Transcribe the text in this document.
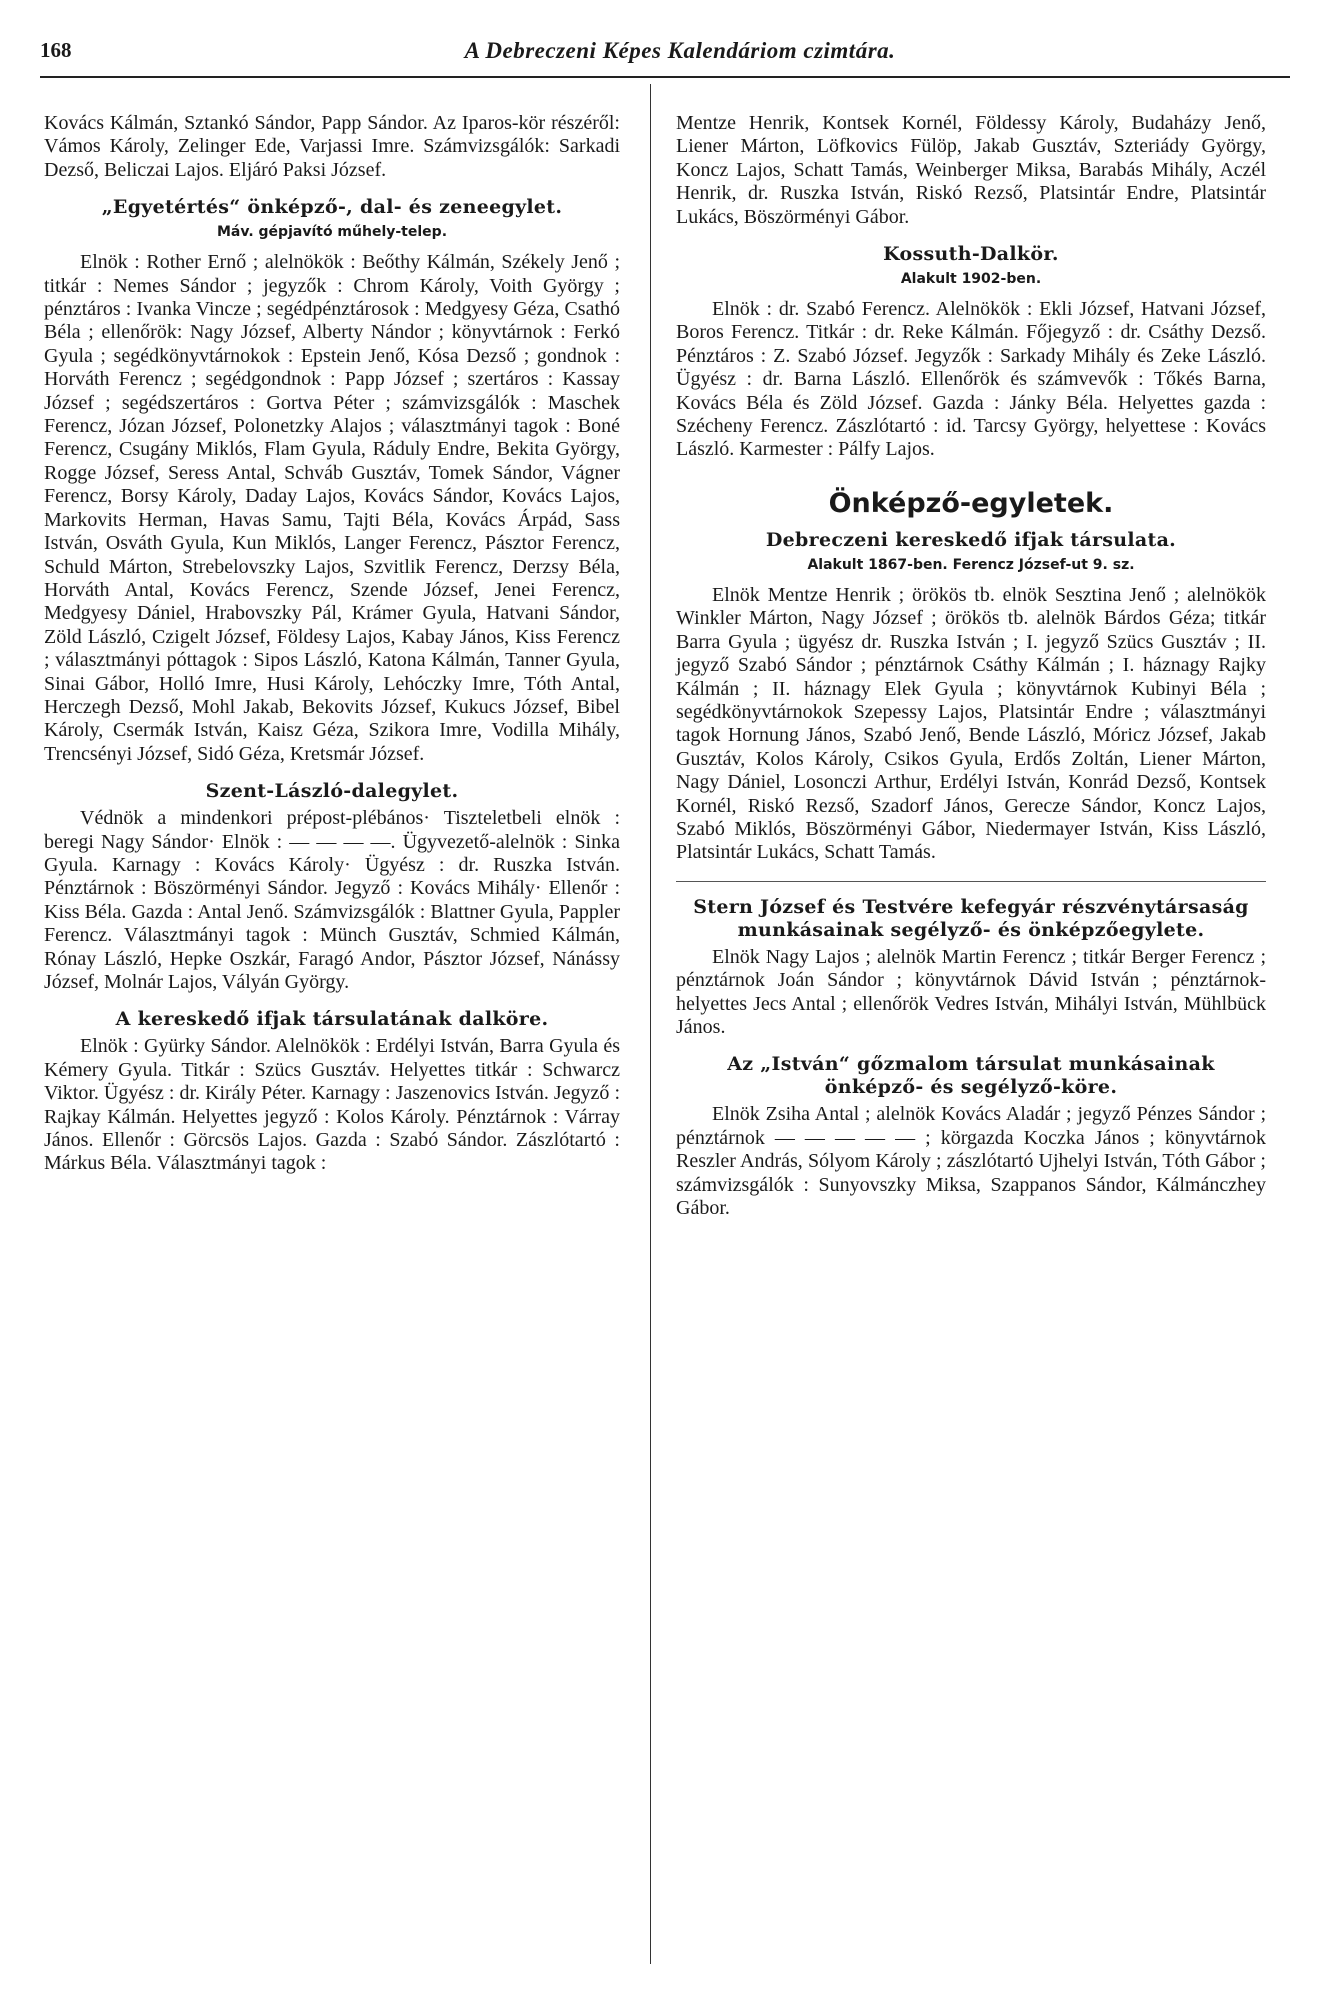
168	A Debreczeni Képes Kalendáriom czimtára.

Kovács Kálmán, Sztankó Sándor, Papp Sándor. Az Iparos-kör részéről: Vámos Károly, Zelinger Ede, Varjassi Imre. Számvizsgálók: Sarkadi Dezső, Beliczai Lajos. Eljáró Paksi József.

„Egyetértés“ önképző-, dal- és zeneegylet.
Máv. gépjavító műhely-telep.

Elnök : Rother Ernő ; alelnökök : Beőthy Kálmán, Székely Jenő ; titkár : Nemes Sándor ; jegyzők : Chrom Károly, Voith György ; pénztáros : Ivanka Vincze ; segédpénztárosok : Medgyesy Géza, Csathó Béla ; ellenőrök: Nagy József, Alberty Nándor ; könyvtárnok : Ferkó Gyula ; segédkönyvtárnokok : Epstein Jenő, Kósa Dezső ; gondnok : Horváth Ferencz ; segédgondnok : Papp József ; szertáros : Kassay József ; segédszertáros : Gortva Péter ; számvizsgálók : Maschek Ferencz, Józan József, Polonetzky Alajos ; választmányi tagok : Boné Ferencz, Csugány Miklós, Flam Gyula, Ráduly Endre, Bekita György, Rogge József, Seress Antal, Schváb Gusztáv, Tomek Sándor, Vágner Ferencz, Borsy Károly, Daday Lajos, Kovács Sándor, Kovács Lajos, Markovits Herman, Havas Samu, Tajti Béla, Kovács Árpád, Sass István, Osváth Gyula, Kun Miklós, Langer Ferencz, Pásztor Ferencz, Schuld Márton, Strebelovszky Lajos, Szvitlik Ferencz, Derzsy Béla, Horváth Antal, Kovács Ferencz, Szende József, Jenei Ferencz, Medgyesy Dániel, Hrabovszky Pál, Krámer Gyula, Hatvani Sándor, Zöld László, Czigelt József, Földesy Lajos, Kabay János, Kiss Ferencz ; választmányi póttagok : Sipos László, Katona Kálmán, Tanner Gyula, Sinai Gábor, Holló Imre, Husi Károly, Lehóczky Imre, Tóth Antal, Herczegh Dezső, Mohl Jakab, Bekovits József, Kukucs József, Bibel Károly, Csermák István, Kaisz Géza, Szikora Imre, Vodilla Mihály, Trencsényi József, Sidó Géza, Kretsmár József.

Szent-László-dalegylet.

Védnök a mindenkori prépost-plébános· Tiszteletbeli elnök : beregi Nagy Sándor· Elnök : — — — —. Ügyvezető-alelnök : Sinka Gyula. Karnagy : Kovács Károly· Ügyész : dr. Ruszka István. Pénztárnok : Böszörményi Sándor. Jegyző : Kovács Mihály· Ellenőr : Kiss Béla. Gazda : Antal Jenő. Számvizsgálók : Blattner Gyula, Pappler Ferencz. Választmányi tagok : Münch Gusztáv, Schmied Kálmán, Rónay László, Hepke Oszkár, Faragó Andor, Pásztor József, Nánássy József, Molnár Lajos, Vályán György.

A kereskedő ifjak társulatának dalköre.

Elnök : Gyürky Sándor. Alelnökök : Erdélyi István, Barra Gyula és Kémery Gyula. Titkár : Szücs Gusztáv. Helyettes titkár : Schwarcz Viktor. Ügyész : dr. Király Péter. Karnagy : Jaszenovics István. Jegyző : Rajkay Kálmán. Helyettes jegyző : Kolos Károly. Pénztárnok : Várray János. Ellenőr : Görcsös Lajos. Gazda : Szabó Sándor. Zászlótartó : Márkus Béla. Választmányi tagok :

Mentze Henrik, Kontsek Kornél, Földessy Károly, Budaházy Jenő, Liener Márton, Löfkovics Fülöp, Jakab Gusztáv, Szteriády György, Koncz Lajos, Schatt Tamás, Weinberger Miksa, Barabás Mihály, Aczél Henrik, dr. Ruszka István, Riskó Rezső, Platsintár Endre, Platsintár Lukács, Böszörményi Gábor.

Kossuth-Dalkör.
Alakult 1902-ben.

Elnök : dr. Szabó Ferencz. Alelnökök : Ekli József, Hatvani József, Boros Ferencz. Titkár : dr. Reke Kálmán. Főjegyző : dr. Csáthy Dezső. Pénztáros : Z. Szabó József. Jegyzők : Sarkady Mihály és Zeke László. Ügyész : dr. Barna László. Ellenőrök és számvevők : Tőkés Barna, Kovács Béla és Zöld József. Gazda : Jánky Béla. Helyettes gazda : Szécheny Ferencz. Zászlótartó : id. Tarcsy György, helyettese : Kovács László. Karmester : Pálfy Lajos.

Önképző-egyletek.
Debreczeni kereskedő ifjak társulata.
Alakult 1867-ben. Ferencz József-ut 9. sz.

Elnök Mentze Henrik ; örökös tb. elnök Sesztina Jenő ; alelnökök Winkler Márton, Nagy József ; örökös tb. alelnök Bárdos Géza; titkár Barra Gyula ; ügyész dr. Ruszka István ; I. jegyző Szücs Gusztáv ; II. jegyző Szabó Sándor ; pénztárnok Csáthy Kálmán ; I. háznagy Rajky Kálmán ; II. háznagy Elek Gyula ; könyvtárnok Kubinyi Béla ; segédkönyvtárnokok Szepessy Lajos, Platsintár Endre ; választmányi tagok Hornung János, Szabó Jenő, Bende László, Móricz József, Jakab Gusztáv, Kolos Károly, Csikos Gyula, Erdős Zoltán, Liener Márton, Nagy Dániel, Losonczi Arthur, Erdélyi István, Konrád Dezső, Kontsek Kornél, Riskó Rezső, Szadorf János, Gerecze Sándor, Koncz Lajos, Szabó Miklós, Böszörményi Gábor, Niedermayer István, Kiss László, Platsintár Lukács, Schatt Tamás.

Stern József és Testvére kefegyár részvénytársaság munkásainak segélyző- és önképzőegylete.

Elnök Nagy Lajos ; alelnök Martin Ferencz ; titkár Berger Ferencz ; pénztárnok Joán Sándor ; könyvtárnok Dávid István ; pénztárnok-helyettes Jecs Antal ; ellenőrök Vedres István, Mihályi István, Mühlbück János.

Az „István“ gőzmalom társulat munkásainak önképző- és segélyző-köre.

Elnök Zsiha Antal ; alelnök Kovács Aladár ; jegyző Pénzes Sándor ; pénztárnok — — — — — ; körgazda Koczka János ; könyvtárnok Reszler András, Sólyom Károly ; zászlótartó Ujhelyi István, Tóth Gábor ; számvizsgálók : Sunyovszky Miksa, Szappanos Sándor, Kálmánczhey Gábor.
